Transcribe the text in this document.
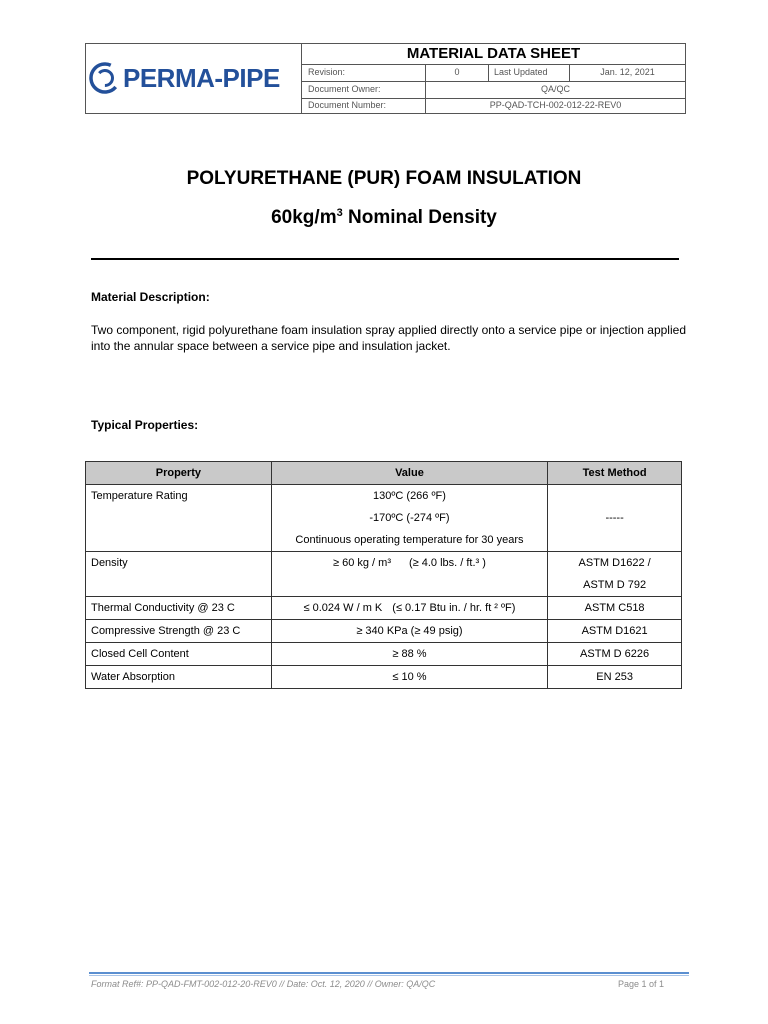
PERMA-PIPE
MATERIAL DATA SHEET
Revision:	0	Last Updated	Jan. 12, 2021
Document Owner:	QA/QC
Document Number:	PP-QAD-TCH-002-012-22-REV0
POLYURETHANE (PUR) FOAM INSULATION
$60kg/m^3$ Nominal Density
Material Description:
Two component, rigid polyurethane foam insulation spray applied directly onto a service pipe or injection applied into the annular space between a service pipe and insulation jacket.
Typical Properties:
Property	Value	Test Method
Temperature Rating	130ºC (266 ºF)
-170ºC (-274 ºF)
Continuous operating temperature for 30 years	-----
Density	≥ 60 kg / m³ (≥ 4.0 lbs. / ft.³ )	ASTM D1622 /
ASTM D 792

Thermal Conductivity @ 23 C	≤ 0.024 W / m K (≤ 0.17 Btu in. / hr. ft ² ºF)	ASTM C518
Compressive Strength @ 23 C	≥ 340 KPa (≥ 49 psig)	ASTM D1621
Closed Cell Content	≥ 88 %	ASTM D 6226
Water Absorption	≤ 10 %	EN 253
Format Ref#: PP-QAD-FMT-002-012-20-REV0 // Date: Oct. 12, 2020 // Owner: QA/QC	Page 1 of 1
